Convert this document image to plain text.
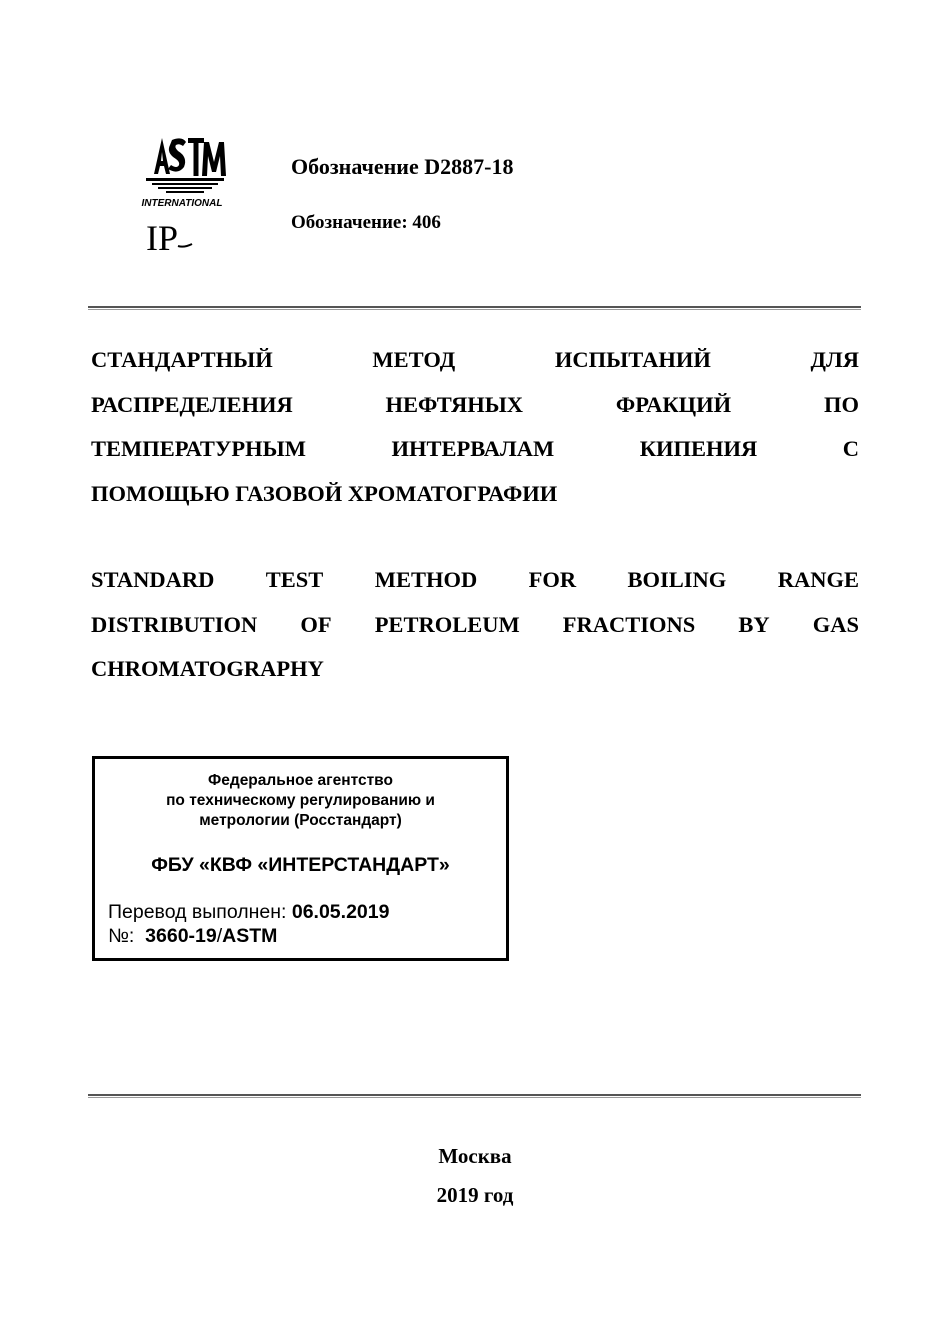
INTERNATIONAL
IP
Обозначение D2887-18
Обозначение: 406
СТАНДАРТНЫЙ	МЕТОД	ИСПЫТАНИЙ	ДЛЯ
РАСПРЕДЕЛЕНИЯ	НЕФТЯНЫХ	ФРАКЦИЙ	ПО
ТЕМПЕРАТУРНЫМ	ИНТЕРВАЛАМ	КИПЕНИЯ	С
ПОМОЩЬЮ ГАЗОВОЙ ХРОМАТОГРАФИИ
STANDARD TEST METHOD FOR BOILING RANGE
DISTRIBUTION OF PETROLEUM FRACTIONS BY GAS
CHROMATOGRAPHY
Федеральное агентство
по техническому регулированию и
метрологии (Росстандарт)
ФБУ «КВФ «ИНТЕРСТАНДАРТ»
Перевод выполнен: 06.05.2019
№:  3660-19/ASTM
Москва
2019 год
